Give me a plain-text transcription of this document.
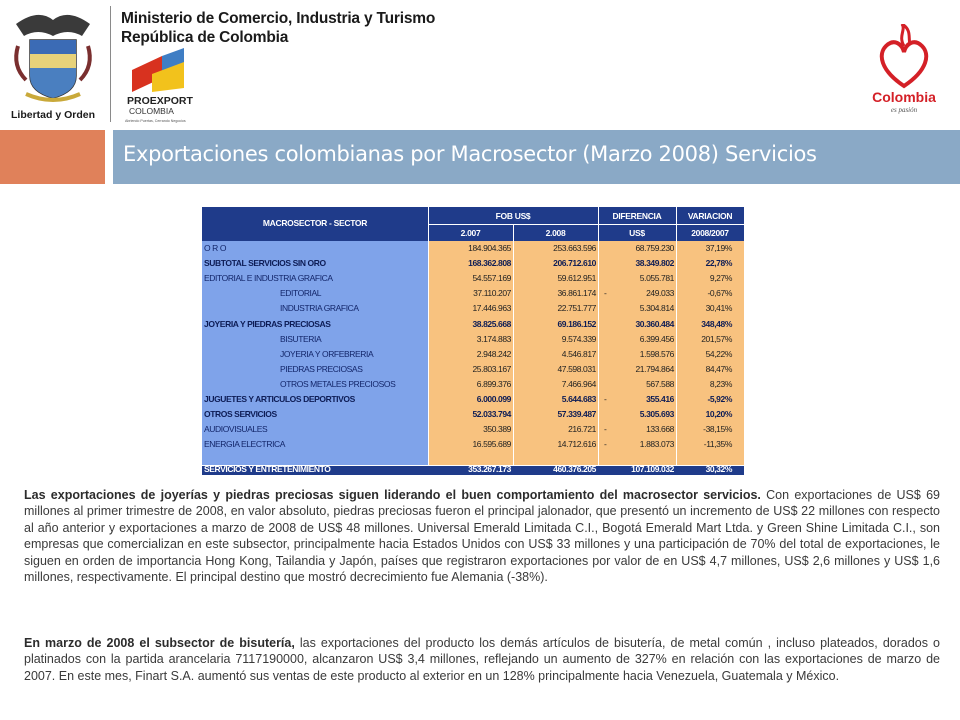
Libertad y Orden
Ministerio de Comercio, Industria y Turismo
República de Colombia
PROEXPORT
COLOMBIA
Abriendo Puertas, Cerrando Negocios
Colombia
es pasión
Exportaciones colombianas por Macrosector (Marzo 2008) Servicios
MACROSECTOR - SECTOR
FOB US$
2.007	2.008
DIFERENCIA
US$
VARIACION
2008/2007
O R O	184.904.365	253.663.596	68.759.230	37,19%
SUBTOTAL SERVICIOS SIN ORO	168.362.808	206.712.610	38.349.802	22,78%
EDITORIAL E INDUSTRIA GRAFICA	54.557.169	59.612.951	5.055.781	9,27%
EDITORIAL	37.110.207	36.861.174 -	249.033	-0,67%
INDUSTRIA GRAFICA	17.446.963	22.751.777	5.304.814	30,41%
JOYERIA Y PIEDRAS PRECIOSAS	38.825.668	69.186.152	30.360.484	348,48%
BISUTERIA	3.174.883	9.574.339	6.399.456	201,57%
JOYERIA Y ORFEBRERIA	2.948.242	4.546.817	1.598.576	54,22%
PIEDRAS PRECIOSAS	25.803.167	47.598.031	21.794.864	84,47%
OTROS METALES PRECIOSOS	6.899.376	7.466.964	567.588	8,23%
JUGUETES Y ARTICULOS DEPORTIVOS	6.000.099	5.644.683 -	355.416	-5,92%
OTROS SERVICIOS	52.033.794	57.339.487	5.305.693	10,20%
AUDIOVISUALES	350.389	216.721 -	133.668	-38,15%
ENERGIA ELECTRICA	16.595.689	14.712.616 -	1.883.073	-11,35%
SERVICIOS Y ENTRETENIMIENTO	353.267.173	460.376.205	107.109.032	30,32%
Las exportaciones de joyerías y piedras preciosas siguen liderando el buen comportamiento del macrosector servicios. Con exportaciones de US$ 69 millones al primer trimestre de 2008, en valor absoluto, piedras preciosas fueron el principal jalonador, que presentó un incremento de US$ 22 millones con respecto al año anterior y exportaciones a marzo de 2008 de US$ 48 millones. Universal Emerald Limitada C.I., Bogotá Emerald Mart Ltda. y Green Shine Limitada C.I., son empresas que comercializan en este subsector, principalmente hacia Estados Unidos con US$ 33 millones y una participación de 70% del total de exportaciones, le siguen en orden de importancia Hong Kong, Tailandia y Japón, países que registraron exportaciones por valor de en US$ 4,7 millones, US$ 2,6 millones y US$ 1,6 millones, respectivamente. El principal destino que mostró decrecimiento fue Alemania (-38%).
En marzo de 2008 el subsector de bisutería, las exportaciones del producto los demás artículos de bisutería, de metal común , incluso plateados, dorados o platinados con la partida arancelaria 7117190000, alcanzaron US$ 3,4 millones, reflejando un aumento de 327% en relación con las exportaciones de marzo de 2007. En este mes, Finart S.A. aumentó sus ventas de este producto al exterior en un 128% principalmente hacia Venezuela, Guatemala y México.
